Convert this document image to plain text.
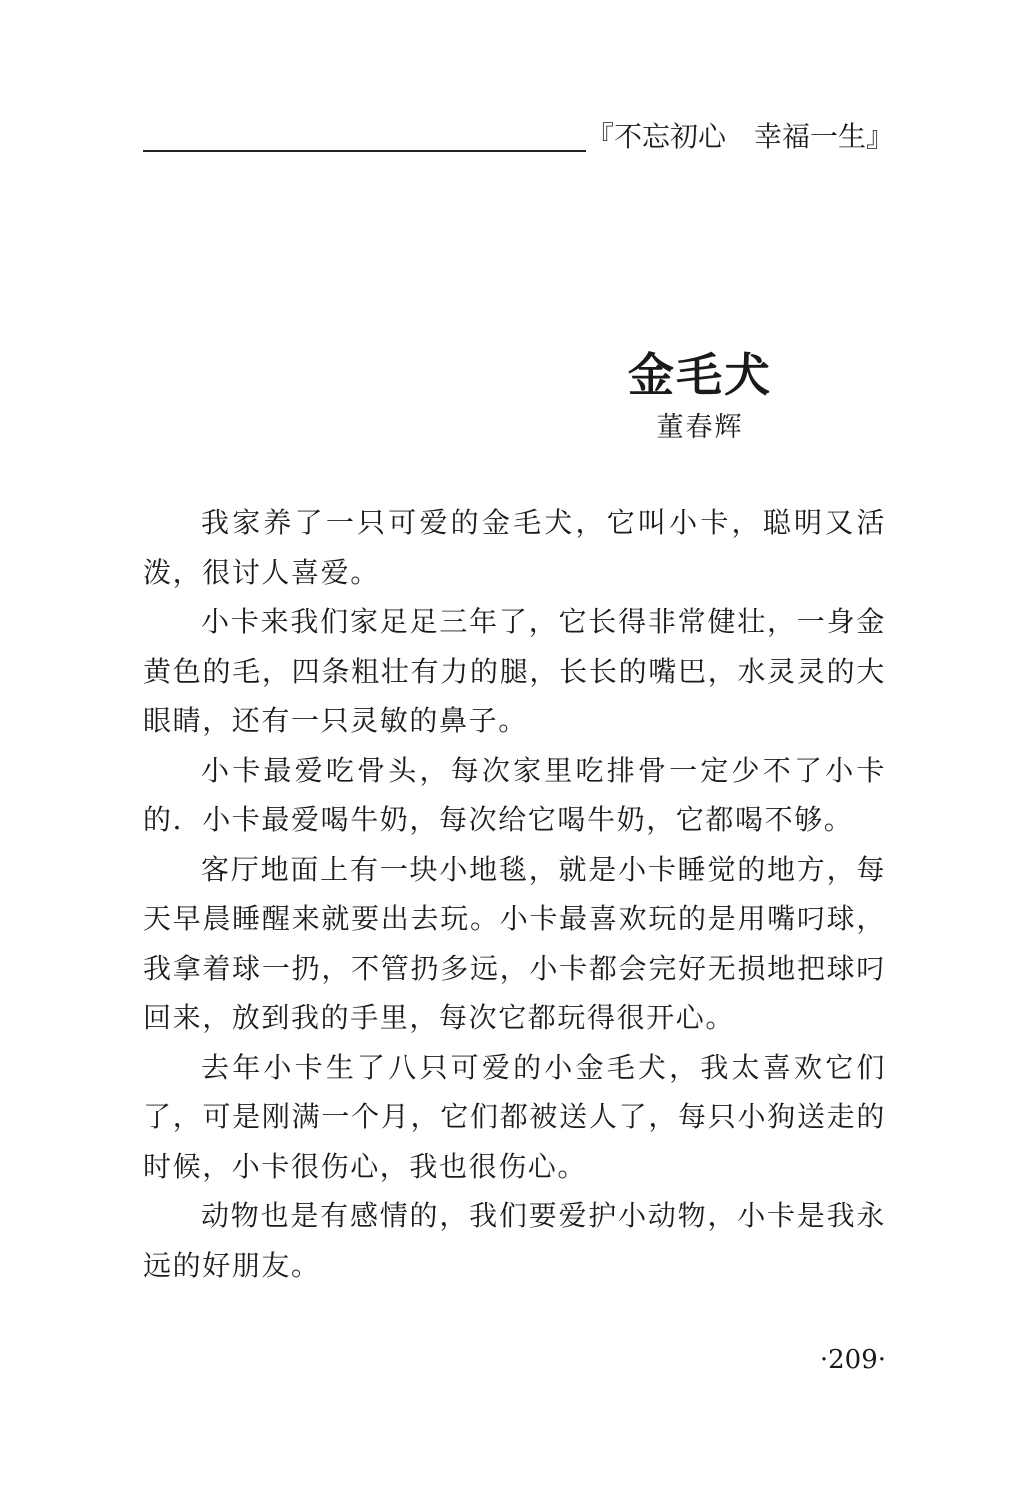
『不忘初心　幸福一生』
金毛犬
董春辉

我家养了一只可爱的金毛犬，它叫小卡，聪明又活泼，很讨人喜爱。

小卡来我们家足足三年了，它长得非常健壮，一身金黄色的毛，四条粗壮有力的腿，长长的嘴巴，水灵灵的大眼睛，还有一只灵敏的鼻子。

小卡最爱吃骨头，每次家里吃排骨一定少不了小卡的．小卡最爱喝牛奶，每次给它喝牛奶，它都喝不够。

客厅地面上有一块小地毯，就是小卡睡觉的地方，每天早晨睡醒来就要出去玩。小卡最喜欢玩的是用嘴叼球，我拿着球一扔，不管扔多远，小卡都会完好无损地把球叼回来，放到我的手里，每次它都玩得很开心。

去年小卡生了八只可爱的小金毛犬，我太喜欢它们了，可是刚满一个月，它们都被送人了，每只小狗送走的时候，小卡很伤心，我也很伤心。

动物也是有感情的，我们要爱护小动物，小卡是我永远的好朋友。

·209·
